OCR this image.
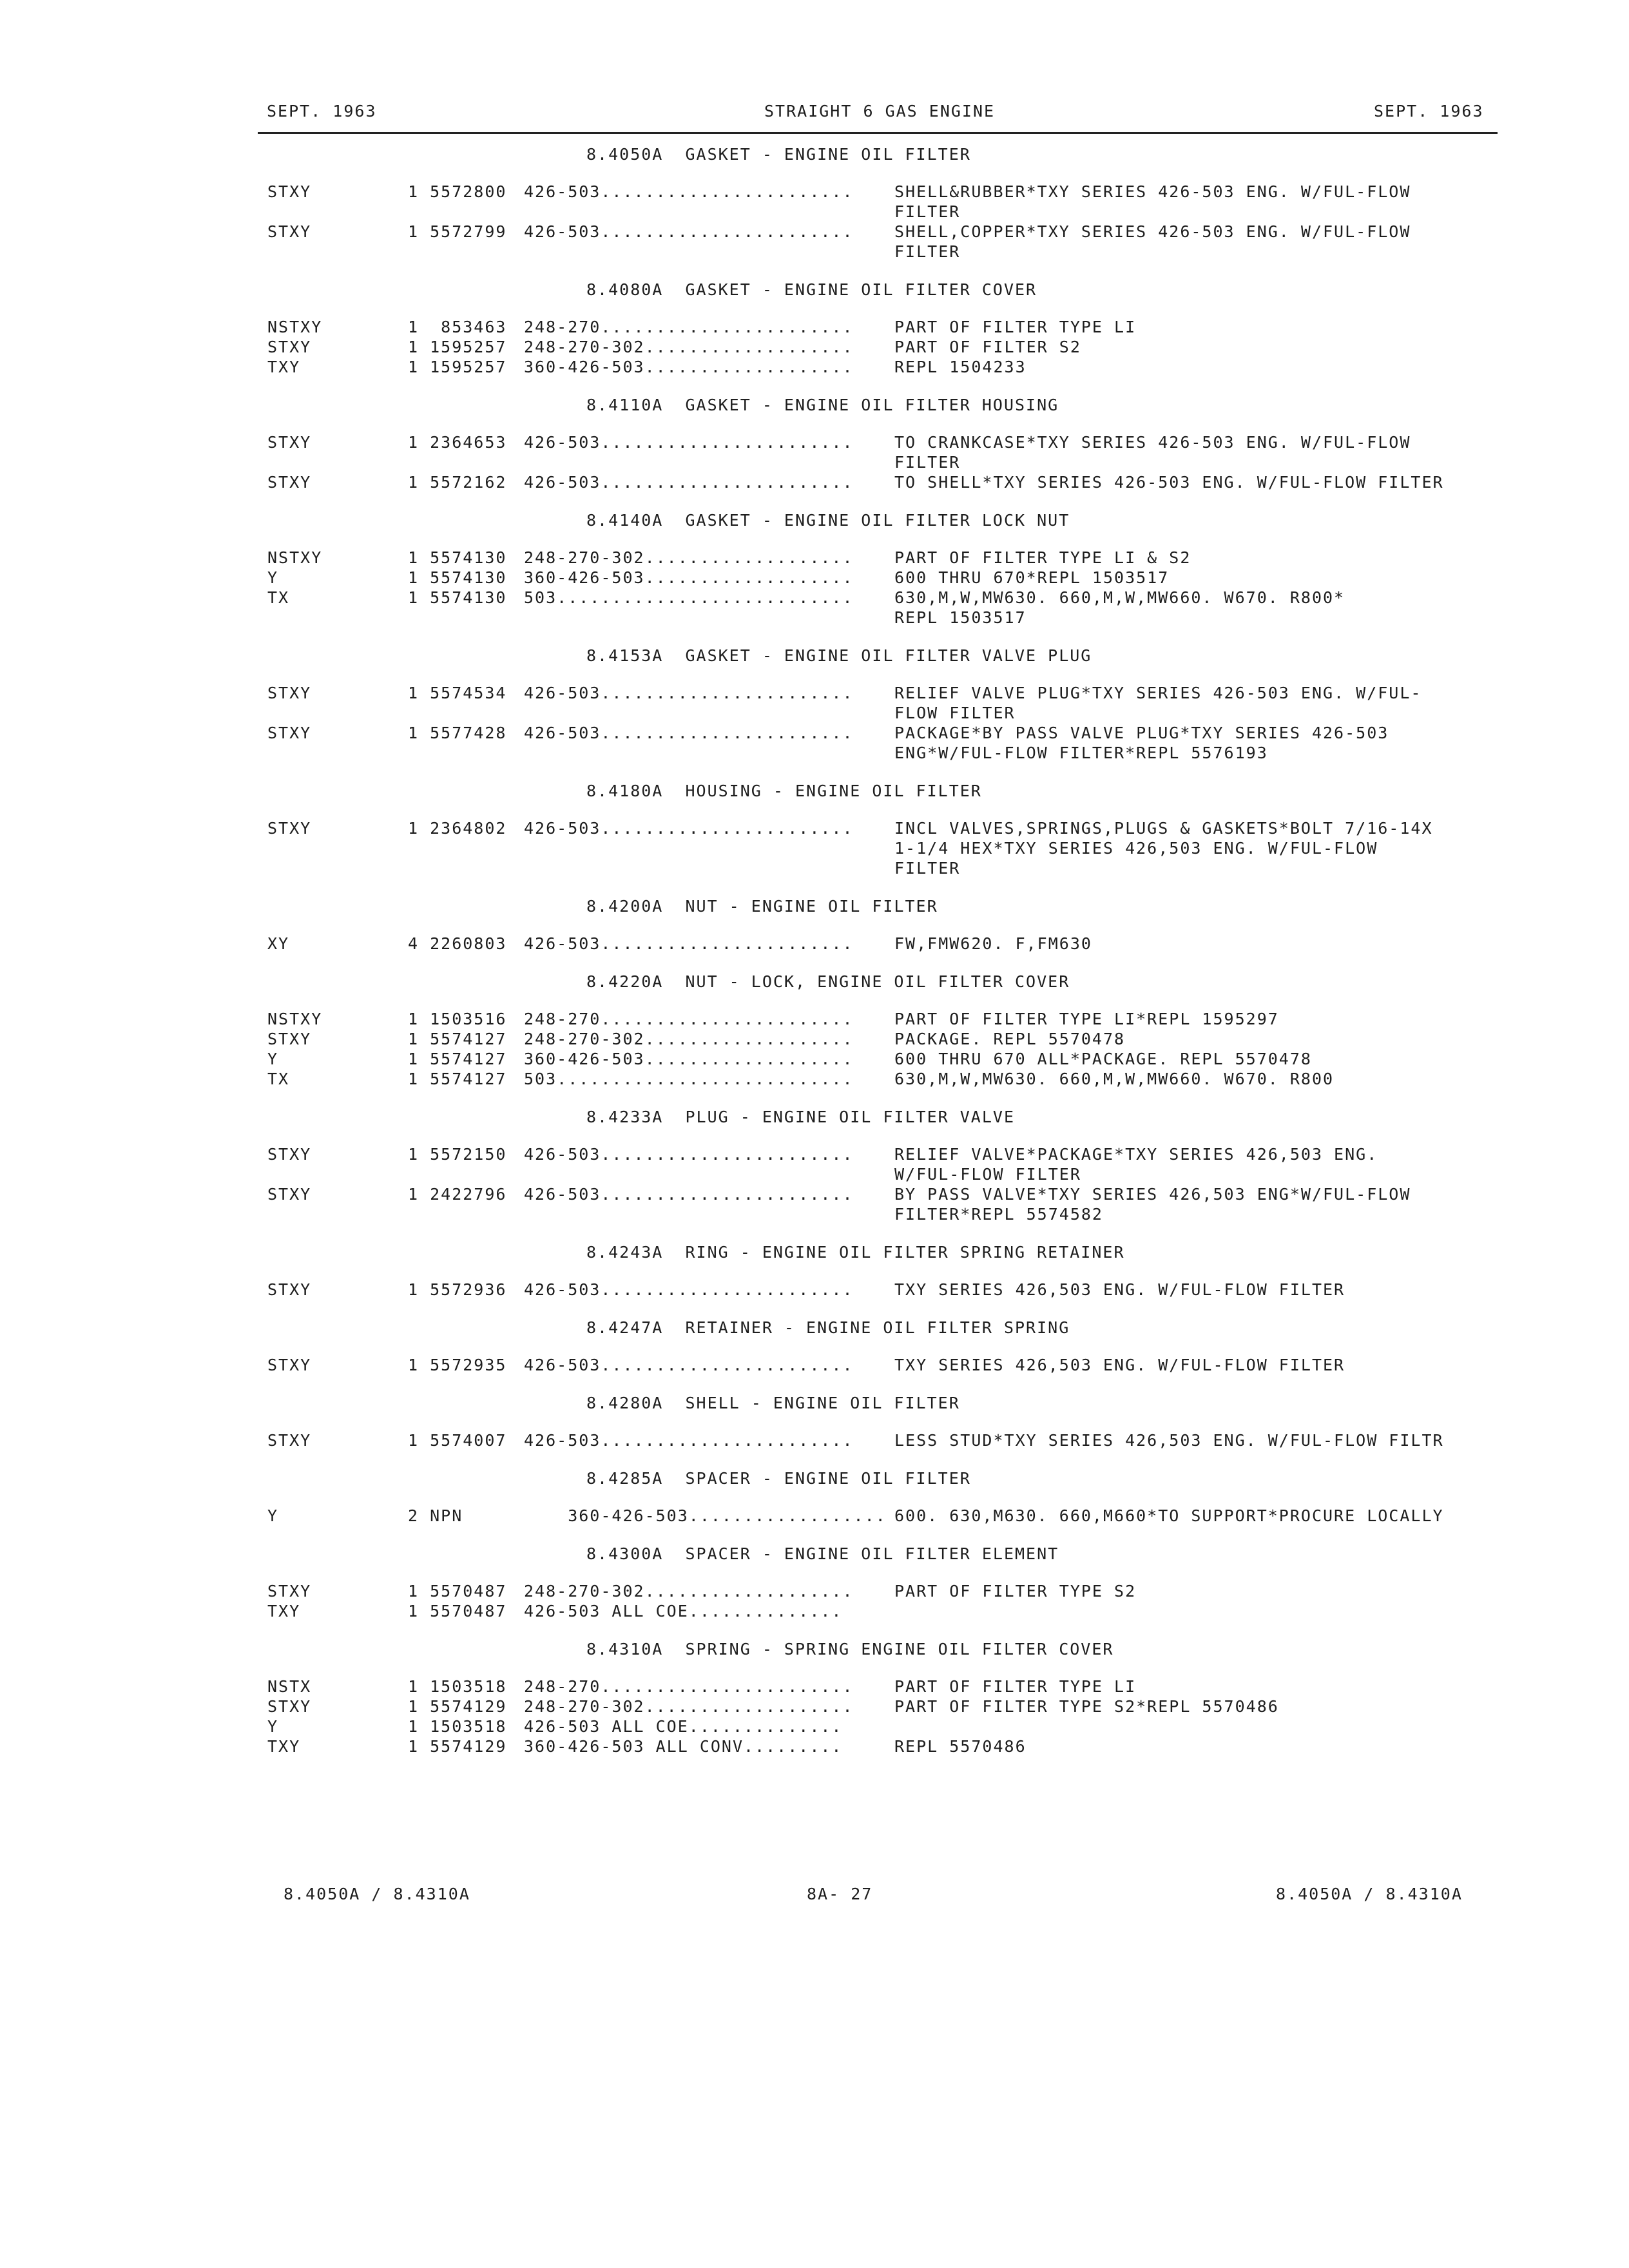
SEPT. 1963	STRAIGHT 6 GAS ENGINE	SEPT. 1963
8.4050A  GASKET - ENGINE OIL FILTER
STXY	1 5572800	426-503.......................	SHELL&RUBBER*TXY SERIES 426-503 ENG. W/FUL-FLOW
FILTER
STXY	1 5572799	426-503.......................	SHELL,COPPER*TXY SERIES 426-503 ENG. W/FUL-FLOW
FILTER
8.4080A  GASKET - ENGINE OIL FILTER COVER
NSTXY	1  853463	248-270.......................	PART OF FILTER TYPE LI
STXY	1 1595257	248-270-302...................	PART OF FILTER S2
TXY	1 1595257	360-426-503...................	REPL 1504233
8.4110A  GASKET - ENGINE OIL FILTER HOUSING
STXY	1 2364653	426-503.......................	TO CRANKCASE*TXY SERIES 426-503 ENG. W/FUL-FLOW
FILTER
STXY	1 5572162	426-503.......................	TO SHELL*TXY SERIES 426-503 ENG. W/FUL-FLOW FILTER
8.4140A  GASKET - ENGINE OIL FILTER LOCK NUT
NSTXY	1 5574130	248-270-302...................	PART OF FILTER TYPE LI & S2
Y	1 5574130	360-426-503...................	600 THRU 670*REPL 1503517
TX	1 5574130	503...........................	630,M,W,MW630. 660,M,W,MW660. W670. R800*
REPL 1503517
8.4153A  GASKET - ENGINE OIL FILTER VALVE PLUG
STXY	1 5574534	426-503.......................	RELIEF VALVE PLUG*TXY SERIES 426-503 ENG. W/FUL-
FLOW FILTER
STXY	1 5577428	426-503.......................	PACKAGE*BY PASS VALVE PLUG*TXY SERIES 426-503
ENG*W/FUL-FLOW FILTER*REPL 5576193
8.4180A  HOUSING - ENGINE OIL FILTER
STXY	1 2364802	426-503.......................	INCL VALVES,SPRINGS,PLUGS & GASKETS*BOLT 7/16-14X
1-1/4 HEX*TXY SERIES 426,503 ENG. W/FUL-FLOW
FILTER
8.4200A  NUT - ENGINE OIL FILTER
XY	4 2260803	426-503.......................	FW,FMW620. F,FM630
8.4220A  NUT - LOCK, ENGINE OIL FILTER COVER
NSTXY	1 1503516	248-270.......................	PART OF FILTER TYPE LI*REPL 1595297
STXY	1 5574127	248-270-302...................	PACKAGE. REPL 5570478
Y	1 5574127	360-426-503...................	600 THRU 670 ALL*PACKAGE. REPL 5570478
TX	1 5574127	503...........................	630,M,W,MW630. 660,M,W,MW660. W670. R800
8.4233A  PLUG - ENGINE OIL FILTER VALVE
STXY	1 5572150	426-503.......................	RELIEF VALVE*PACKAGE*TXY SERIES 426,503 ENG.
W/FUL-FLOW FILTER
STXY	1 2422796	426-503.......................	BY PASS VALVE*TXY SERIES 426,503 ENG*W/FUL-FLOW
FILTER*REPL 5574582
8.4243A  RING - ENGINE OIL FILTER SPRING RETAINER
STXY	1 5572936	426-503.......................	TXY SERIES 426,503 ENG. W/FUL-FLOW FILTER
8.4247A  RETAINER - ENGINE OIL FILTER SPRING
STXY	1 5572935	426-503.......................	TXY SERIES 426,503 ENG. W/FUL-FLOW FILTER
8.4280A  SHELL - ENGINE OIL FILTER
STXY	1 5574007	426-503.......................	LESS STUD*TXY SERIES 426,503 ENG. W/FUL-FLOW FILTR
8.4285A  SPACER - ENGINE OIL FILTER
Y	2 NPN	360-426-503.................. 600. 630,M630. 660,M660*TO SUPPORT*PROCURE LOCALLY
8.4300A  SPACER - ENGINE OIL FILTER ELEMENT
STXY	1 5570487	248-270-302...................	PART OF FILTER TYPE S2
TXY	1 5570487	426-503 ALL COE..............
8.4310A  SPRING - SPRING ENGINE OIL FILTER COVER
NSTX	1 1503518	248-270.......................	PART OF FILTER TYPE LI
STXY	1 5574129	248-270-302...................	PART OF FILTER TYPE S2*REPL 5570486
Y	1 1503518	426-503 ALL COE..............
TXY	1 5574129	360-426-503 ALL CONV.........	REPL 5570486
8.4050A / 8.4310A	8A- 27	8.4050A / 8.4310A
